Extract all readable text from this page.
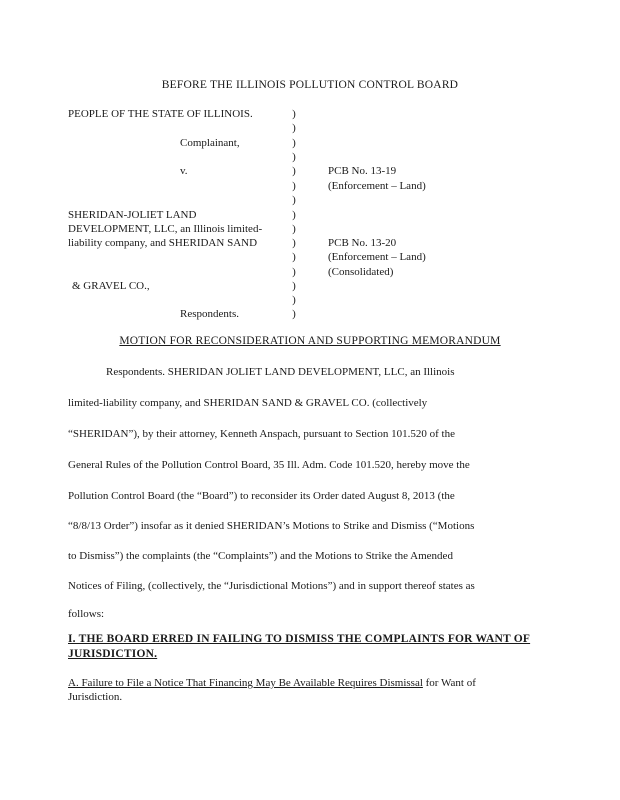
BEFORE THE ILLINOIS POLLUTION CONTROL BOARD
PEOPLE OF THE STATE OF ILLINOIS.
Complainant,
v.
SHERIDAN-JOLIET LAND
DEVELOPMENT, LLC, an Illinois limited-
liability company, and SHERIDAN SAND
& GRAVEL CO.,
Respondents.
)
)
)
)
)
)
)
)
)
)
)
)
)
)
)
PCB No. 13-19
(Enforcement – Land)
PCB No. 13-20
(Enforcement – Land)
(Consolidated)
MOTION FOR RECONSIDERATION AND SUPPORTING MEMORANDUM
Respondents. SHERIDAN JOLIET LAND DEVELOPMENT, LLC, an Illinois
limited-liability company, and SHERIDAN SAND & GRAVEL CO. (collectively
“SHERIDAN”), by their attorney, Kenneth Anspach, pursuant to Section 101.520 of the
General Rules of the Pollution Control Board, 35 Ill. Adm. Code 101.520, hereby move the
Pollution Control Board (the “Board”) to reconsider its Order dated August 8, 2013 (the
“8/8/13 Order”) insofar as it denied SHERIDAN’s Motions to Strike and Dismiss (“Motions
to Dismiss”) the complaints (the “Complaints”) and the Motions to Strike the Amended
Notices of Filing, (collectively, the “Jurisdictional Motions”) and in support thereof states as
follows:
I. THE BOARD ERRED IN FAILING TO DISMISS THE COMPLAINTS FOR WANT OF
JURISDICTION.
A. Failure to File a Notice That Financing May Be Available Requires Dismissal for Want of
Jurisdiction.
